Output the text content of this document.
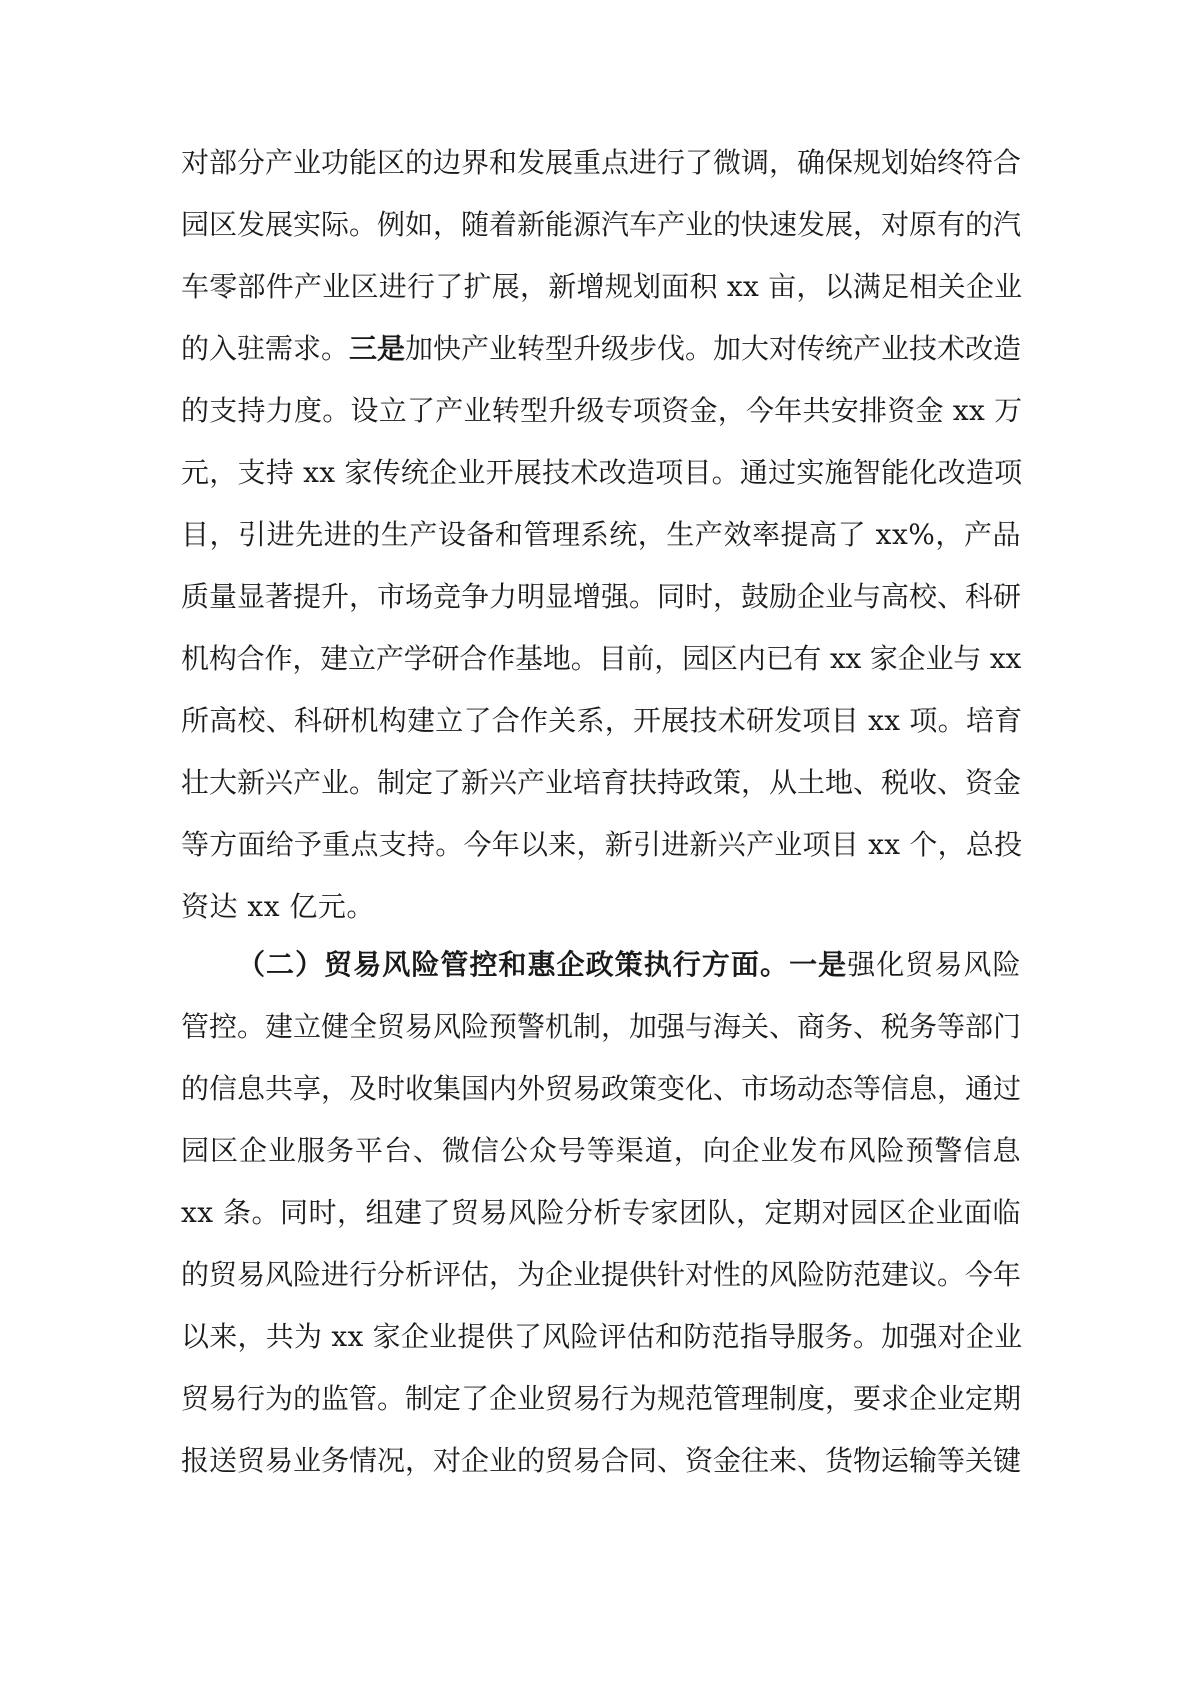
对部分产业功能区的边界和发展重点进行了微调，确保规划始终符合
园区发展实际。例如，随着新能源汽车产业的快速发展，对原有的汽
车零部件产业区进行了扩展，新增规划面积 xx 亩，以满足相关企业
的入驻需求。三是加快产业转型升级步伐。加大对传统产业技术改造
的支持力度。设立了产业转型升级专项资金，今年共安排资金 xx 万
元，支持 xx 家传统企业开展技术改造项目。通过实施智能化改造项
目，引进先进的生产设备和管理系统，生产效率提高了 xx%，产品
质量显著提升，市场竞争力明显增强。同时，鼓励企业与高校、科研
机构合作，建立产学研合作基地。目前，园区内已有 xx 家企业与 xx
所高校、科研机构建立了合作关系，开展技术研发项目 xx 项。培育
壮大新兴产业。制定了新兴产业培育扶持政策，从土地、税收、资金
等方面给予重点支持。今年以来，新引进新兴产业项目 xx 个，总投
资达 xx 亿元。
（二）贸易风险管控和惠企政策执行方面。一是强化贸易风险
管控。建立健全贸易风险预警机制，加强与海关、商务、税务等部门
的信息共享，及时收集国内外贸易政策变化、市场动态等信息，通过
园区企业服务平台、微信公众号等渠道，向企业发布风险预警信息
xx 条。同时，组建了贸易风险分析专家团队，定期对园区企业面临
的贸易风险进行分析评估，为企业提供针对性的风险防范建议。今年
以来，共为 xx 家企业提供了风险评估和防范指导服务。加强对企业
贸易行为的监管。制定了企业贸易行为规范管理制度，要求企业定期
报送贸易业务情况，对企业的贸易合同、资金往来、货物运输等关键
